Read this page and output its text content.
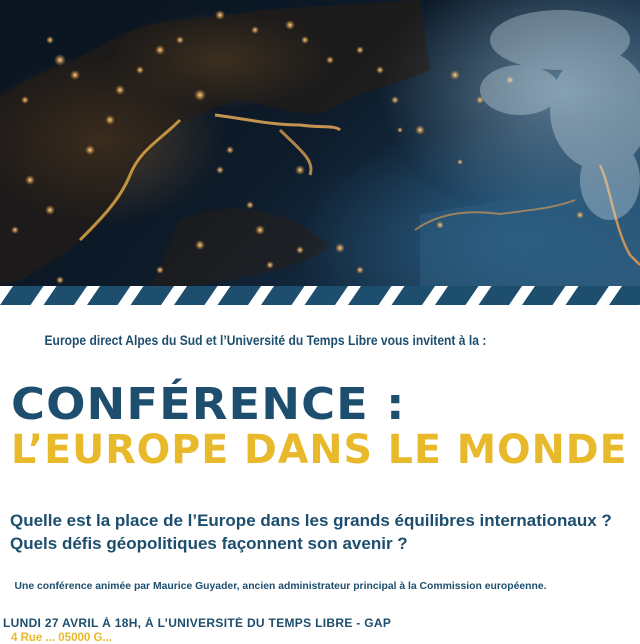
Europe direct Alpes du Sud et l’Université du Temps Libre vous invitent à la :
CONFÉRENCE :
L’EUROPE DANS LE MONDE
Quelle est la place de l’Europe dans les grands équilibres internationaux ? Quels défis géopolitiques façonnent son avenir ?
Une conférence animée par Maurice Guyader, ancien administrateur principal à la Commission européenne.
LUNDI 27 AVRIL À 18H, À L’UNIVERSITÉ DU TEMPS LIBRE - GAP
4 Rue ... 05000 G...
